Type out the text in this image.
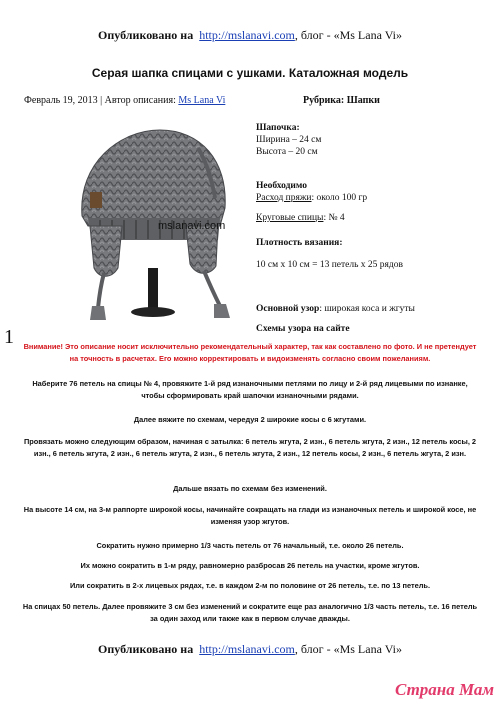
Опубликовано на http://mslanavi.com, блог - «Ms Lana Vi»
Серая шапка спицами с ушками. Каталожная модель
Февраль 19, 2013 | Автор описания: Ms Lana Vi	Рубрика: Шапки
mslanavi.com
Шапочка:
Ширина – 24 см
Высота – 20 см
Необходимо
Расход пряжи: около 100 гр
Круговые спицы: № 4
Плотность вязания:
10 см х 10 см = 13 петель х 25 рядов
Основной узор: широкая коса и жгуты
Схемы узора на сайте
1	Внимание! Это описание носит исключительно рекомендательный характер, так как составлено по фото. И не претендует на точность в расчетах. Его можно корректировать и видоизменять согласно своим пожеланиям.
Наберите 76 петель на спицы № 4, провяжите 1-й ряд изнаночными петлями по лицу и 2-й ряд лицевыми по изнанке, чтобы сформировать край шапочки изнаночными рядами.
Далее вяжите по схемам, чередуя 2 широкие косы с 6 жгутами.
Провязать можно следующим образом, начиная с затылка: 6 петель жгута, 2 изн., 6 петель жгута, 2 изн., 12 петель косы, 2 изн., 6 петель жгута, 2 изн., 6 петель жгута, 2 изн., 6 петель жгута, 2 изн., 12 петель косы, 2 изн., 6 петель жгута, 2 изн.
Дальше вязать по схемам без изменений.
На высоте 14 см, на 3-м раппорте широкой косы, начинайте сокращать на глади из изнаночных петель и широкой косе, не изменяя узор жгутов.
Сократить нужно примерно 1/3 часть петель от 76 начальный, т.е. около 26 петель.
Их можно сократить в 1-м ряду, равномерно разбросав 26 петель на участки, кроме жгутов.
Или сократить в 2-х лицевых рядах, т.е. в каждом 2-м по половине от 26 петель, т.е. по 13 петель.
На спицах 50 петель. Далее провяжите 3 см без изменений и сократите еще раз аналогично 1/3 часть петель, т.е. 16 петель за один заход или также как в первом случае дважды.
Опубликовано на http://mslanavi.com, блог - «Ms Lana Vi»
Страна Мам
